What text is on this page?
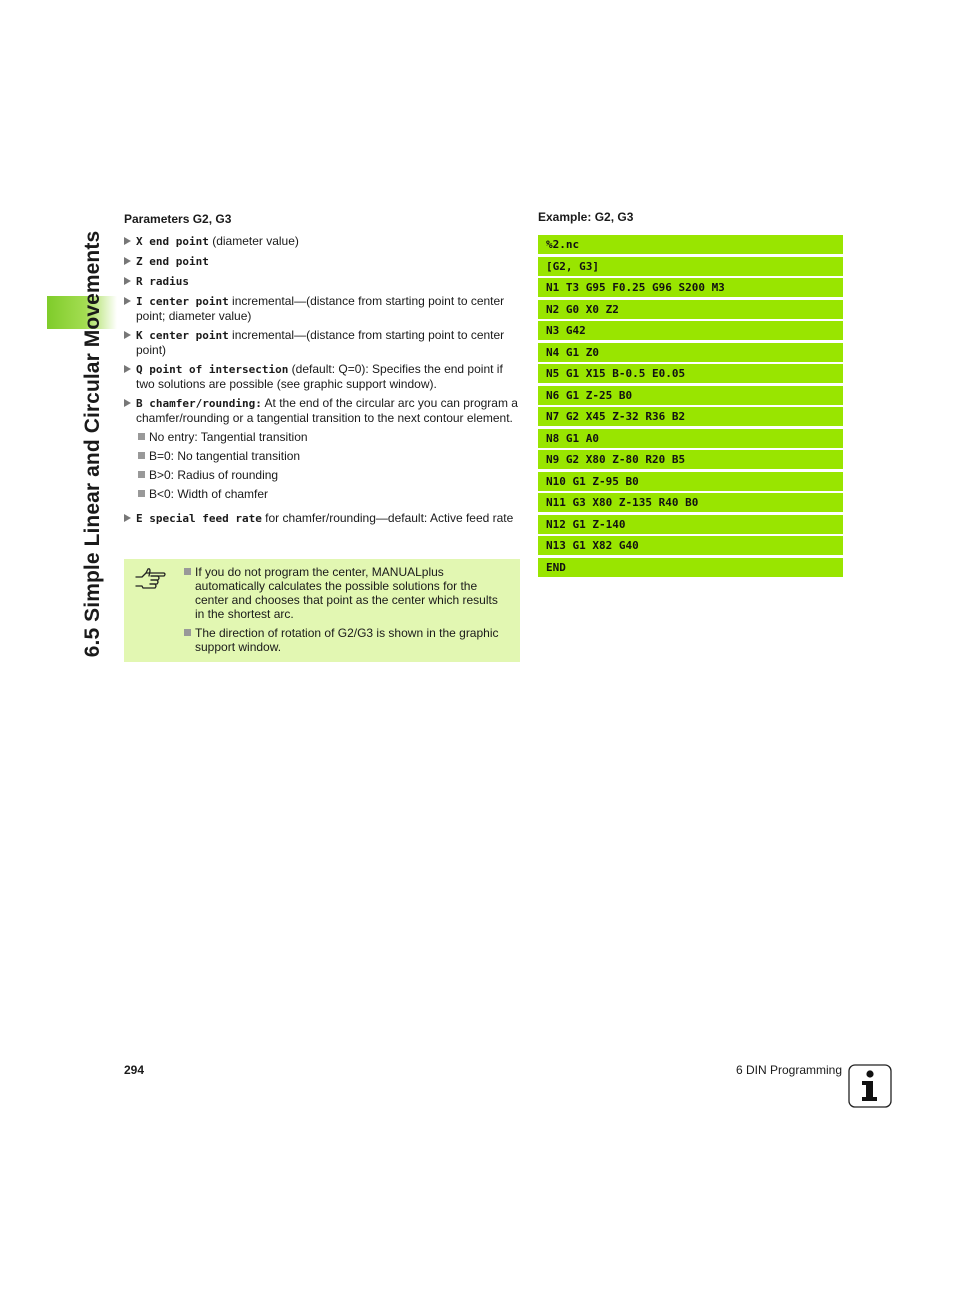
6.5 Simple Linear and Circular Movements
Parameters G2, G3
X end point (diameter value)
Z end point
R radius
I center point incremental—(distance from starting point to center point; diameter value)
K center point incremental—(distance from starting point to center point)
Q point of intersection (default: Q=0): Specifies the end point if two solutions are possible (see graphic support window).
B chamfer/rounding: At the end of the circular arc you can program a chamfer/rounding or a tangential transition to the next contour element.
No entry: Tangential transition
B=0: No tangential transition
B>0: Radius of rounding
B<0: Width of chamfer
E special feed rate for chamfer/rounding—default: Active feed rate
If you do not program the center, MANUALplus automatically calculates the possible solutions for the center and chooses that point as the center which results in the shortest arc.
The direction of rotation of G2/G3 is shown in the graphic support window.
Example: G2, G3
%2.nc
[G2, G3]
N1 T3 G95 F0.25 G96 S200 M3
N2 G0 X0 Z2
N3 G42
N4 G1 Z0
N5 G1 X15 B-0.5 E0.05
N6 G1 Z-25 B0
N7 G2 X45 Z-32 R36 B2
N8 G1 A0
N9 G2 X80 Z-80 R20 B5
N10 G1 Z-95 B0
N11 G3 X80 Z-135 R40 B0
N12 G1 Z-140
N13 G1 X82 G40
END
294	6 DIN Programming
